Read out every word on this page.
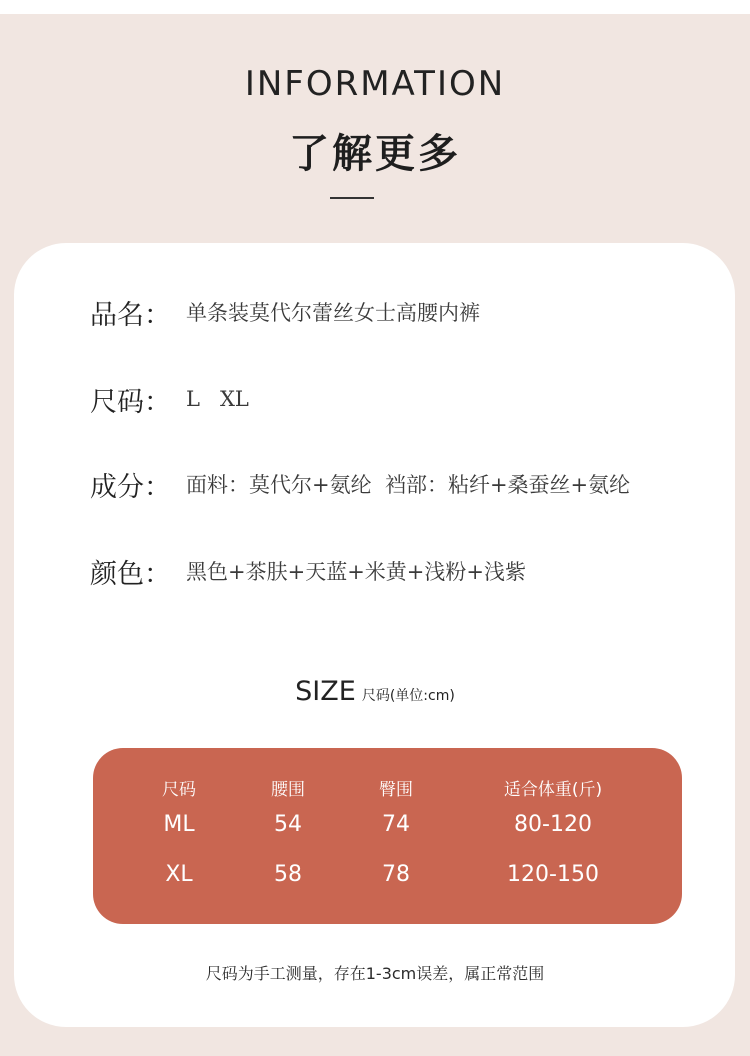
INFORMATION
了解更多
品名： 单条装莫代尔蕾丝女士高腰内裤
尺码： L   XL
成分： 面料：莫代尔+氨纶  裆部：粘纤+桑蚕丝+氨纶
颜色： 黑色+茶肤+天蓝+米黄+浅粉+浅紫
SIZE 尺码(单位:cm)
尺码	腰围	臀围	适合体重(斤)
ML	54	74	80-120
XL	58	78	120-150
尺码为手工测量，存在1-3cm误差，属正常范围
